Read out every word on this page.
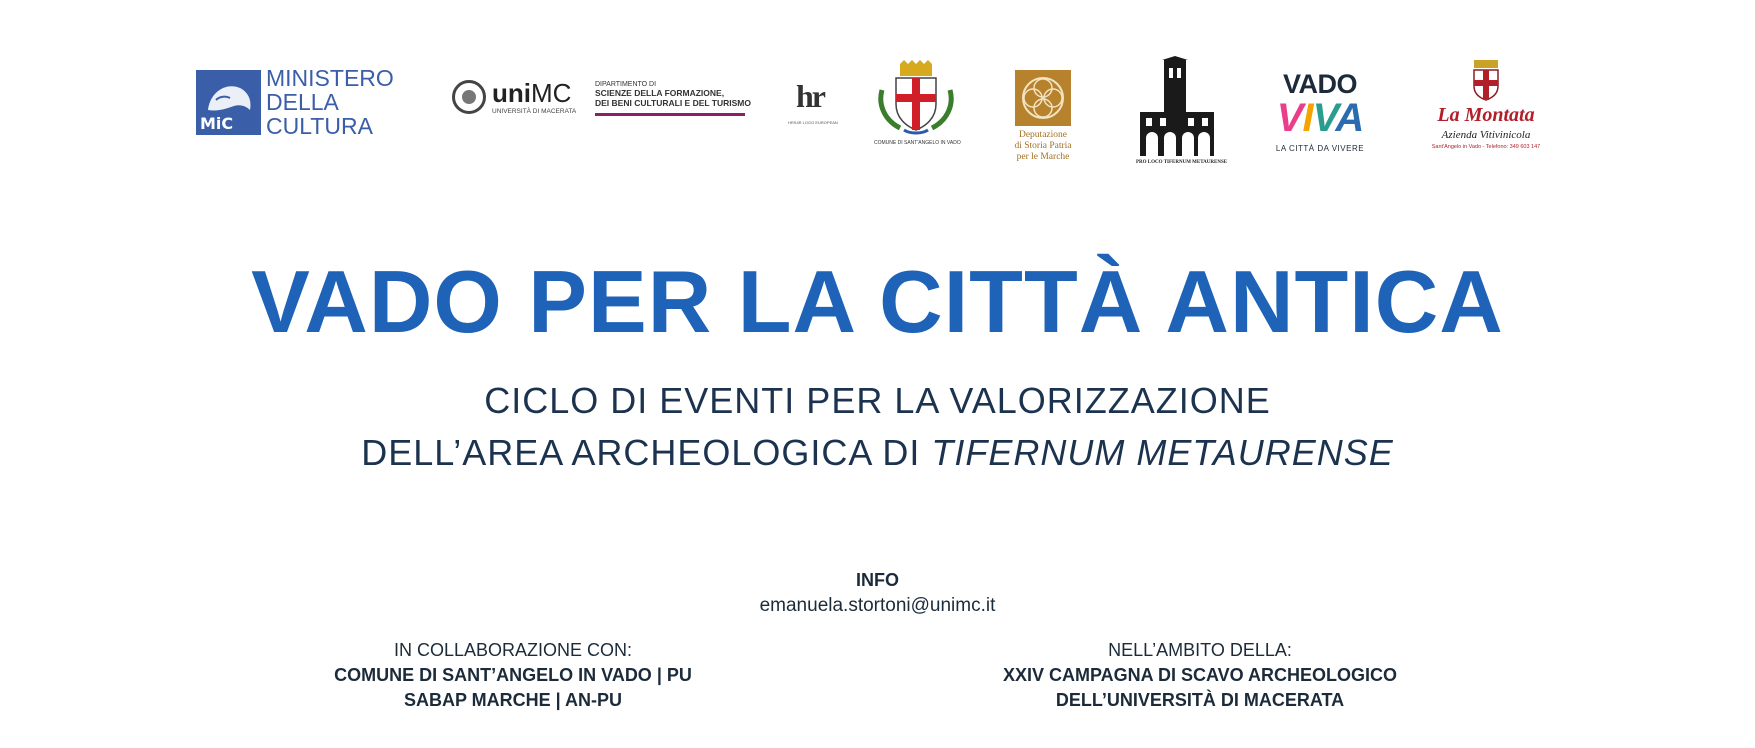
MiC
MINISTERO
DELLA
CULTURA
uniMC
UNIVERSITÀ DI MACERATA
DIPARTIMENTO DI
SCIENZE DELLA FORMAZIONE,
DEI BENI CULTURALI E DEL TURISMO hr
HRS4R LOGO EUROPEAN
COMUNE DI SANT'ANGELO IN VADO
Deputazione
di Storia Patria
per le Marche
PRO LOCO TIFERNUM METAURENSE
VADO
VIVA
LA CITTÀ DA VIVERE
La Montata
Azienda Vitivinicola
Sant'Angelo in Vado - Telefono: 349 603 147
VADO PER LA CITTÀ ANTICA
CICLO DI EVENTI PER LA VALORIZZAZIONE
DELL’AREA ARCHEOLOGICA DI TIFERNUM METAURENSE
INFO
emanuela.stortoni@unimc.it
IN COLLABORAZIONE CON:
COMUNE DI SANT’ANGELO IN VADO | PU
SABAP MARCHE | AN-PU
NELL’AMBITO DELLA:
XXIV CAMPAGNA DI SCAVO ARCHEOLOGICO
DELL’UNIVERSITÀ DI MACERATA
